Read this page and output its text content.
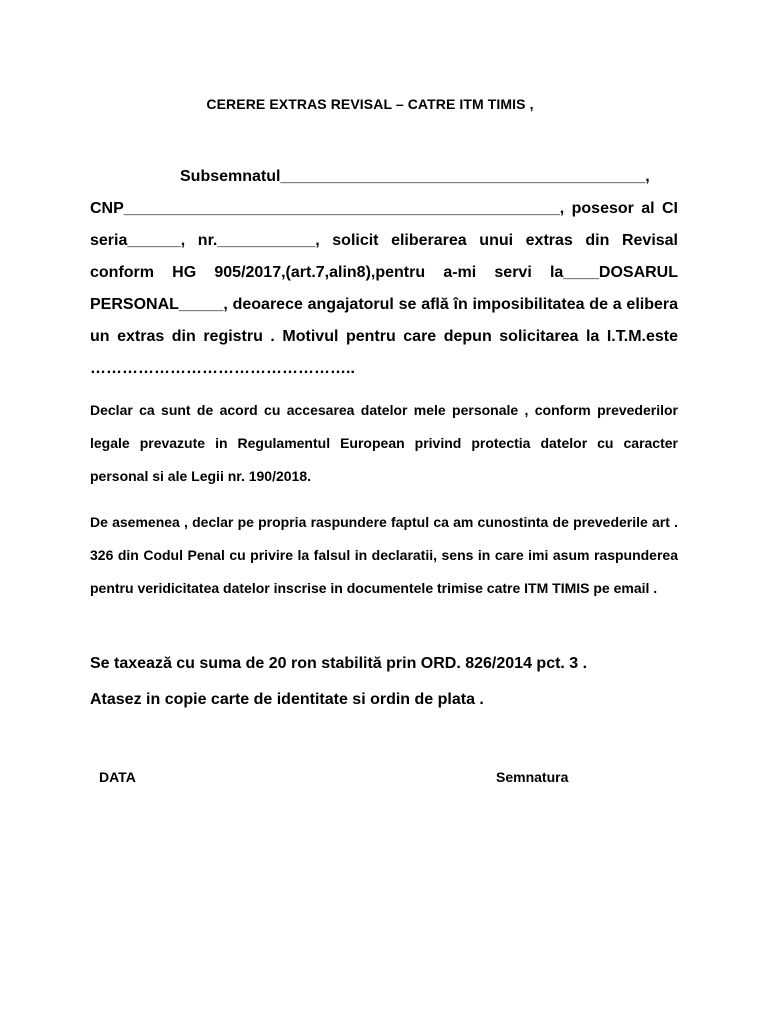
CERERE EXTRAS REVISAL – CATRE ITM TIMIS ,

Subsemnatul_________________________________________,

CNP_________________________________________________, posesor al CI seria______, nr.___________, solicit eliberarea unui extras din Revisal conform HG 905/2017,(art.7,alin8),pentru a-mi servi la____DOSARUL PERSONAL_____, deoarece angajatorul se află în imposibilitatea de a elibera un extras din registru . Motivul pentru care depun solicitarea la I.T.M.este …………………………………………..

Declar ca sunt de acord cu accesarea datelor mele personale , conform prevederilor legale prevazute in Regulamentul European privind protectia datelor cu caracter personal si ale Legii nr. 190/2018.

De asemenea , declar pe propria raspundere faptul ca am cunostinta de prevederile art . 326 din Codul Penal cu privire la falsul in declaratii, sens in care imi asum raspunderea pentru veridicitatea datelor inscrise in documentele trimise catre ITM TIMIS pe email .

Se taxează cu suma de 20 ron stabilită prin ORD. 826/2014 pct. 3 .
Atasez in copie carte de identitate si ordin de plata .
DATA	Semnatura
